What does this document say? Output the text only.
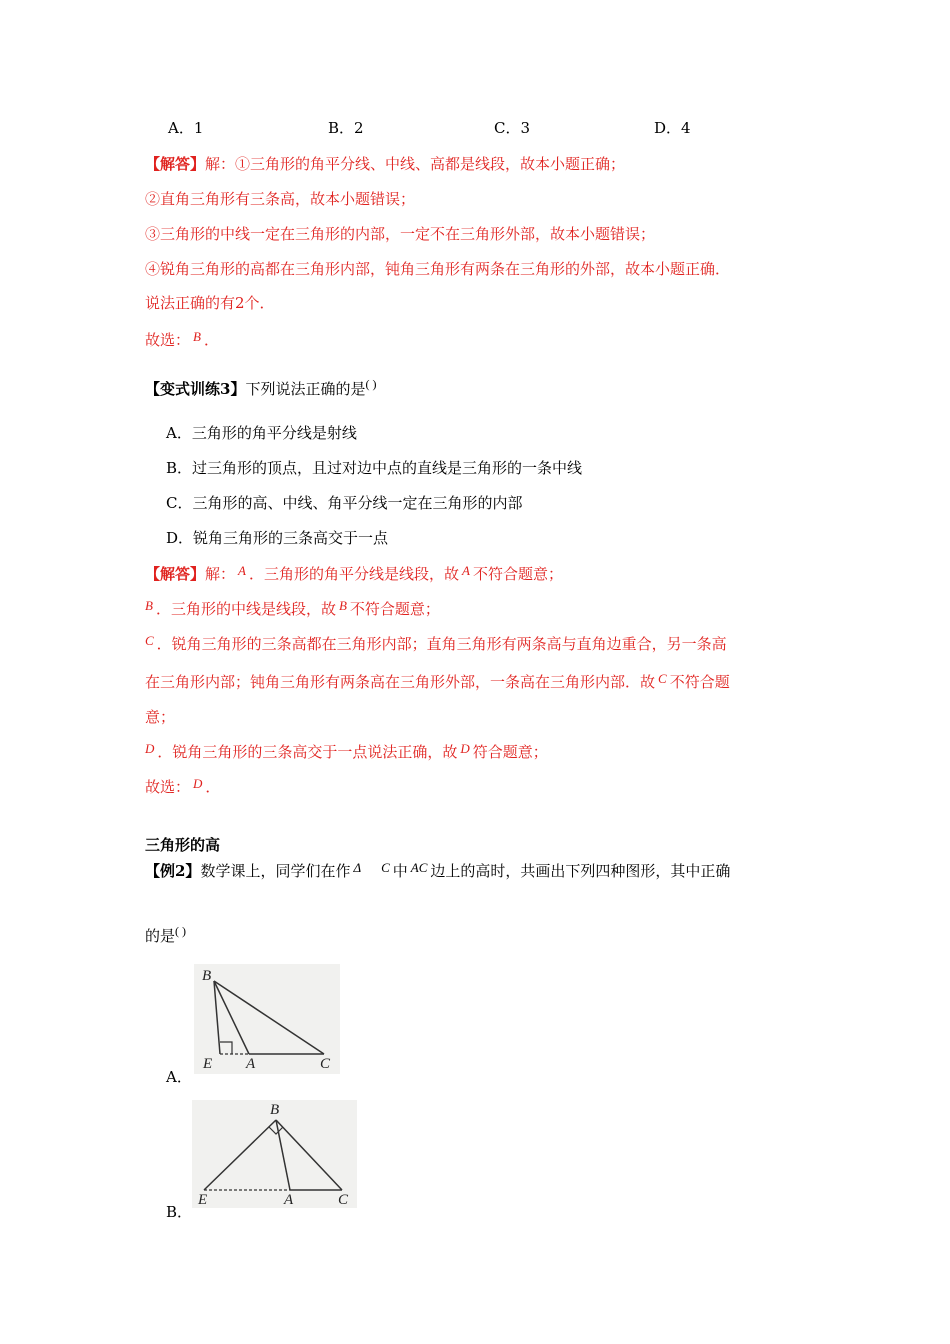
A．1	B．2	C．3	D．4
【解答】解：①三角形的角平分线、中线、高都是线段，故本小题正确；
②直角三角形有三条高，故本小题错误；
③三角形的中线一定在三角形的内部，一定不在三角形外部，故本小题错误；
④锐角三角形的高都在三角形内部，钝角三角形有两条在三角形的外部，故本小题正确．
说法正确的有2个．
故选： B ．
【变式训练3】下列说法正确的是( )
A．三角形的角平分线是射线
B．过三角形的顶点，且过对边中点的直线是三角形的一条中线
C．三角形的高、中线、角平分线一定在三角形的内部
D．锐角三角形的三条高交于一点
【解答】解： A ．三角形的角平分线是线段，故 A 不符合题意；
B ．三角形的中线是线段，故 B 不符合题意；
C ．锐角三角形的三条高都在三角形内部；直角三角形有两条高与直角边重合，另一条高
在三角形内部；钝角三角形有两条高在三角形外部，一条高在三角形内部．故 C 不符合题
意；
D ．锐角三角形的三条高交于一点说法正确，故 D 符合题意；
故选： D ．
三角形的高
【例2】数学课上，同学们在作 Δ C 中 AC 边上的高时，共画出下列四种图形，其中正确
的是( )
B
E A	C
A．
B
E	A	C
B．
